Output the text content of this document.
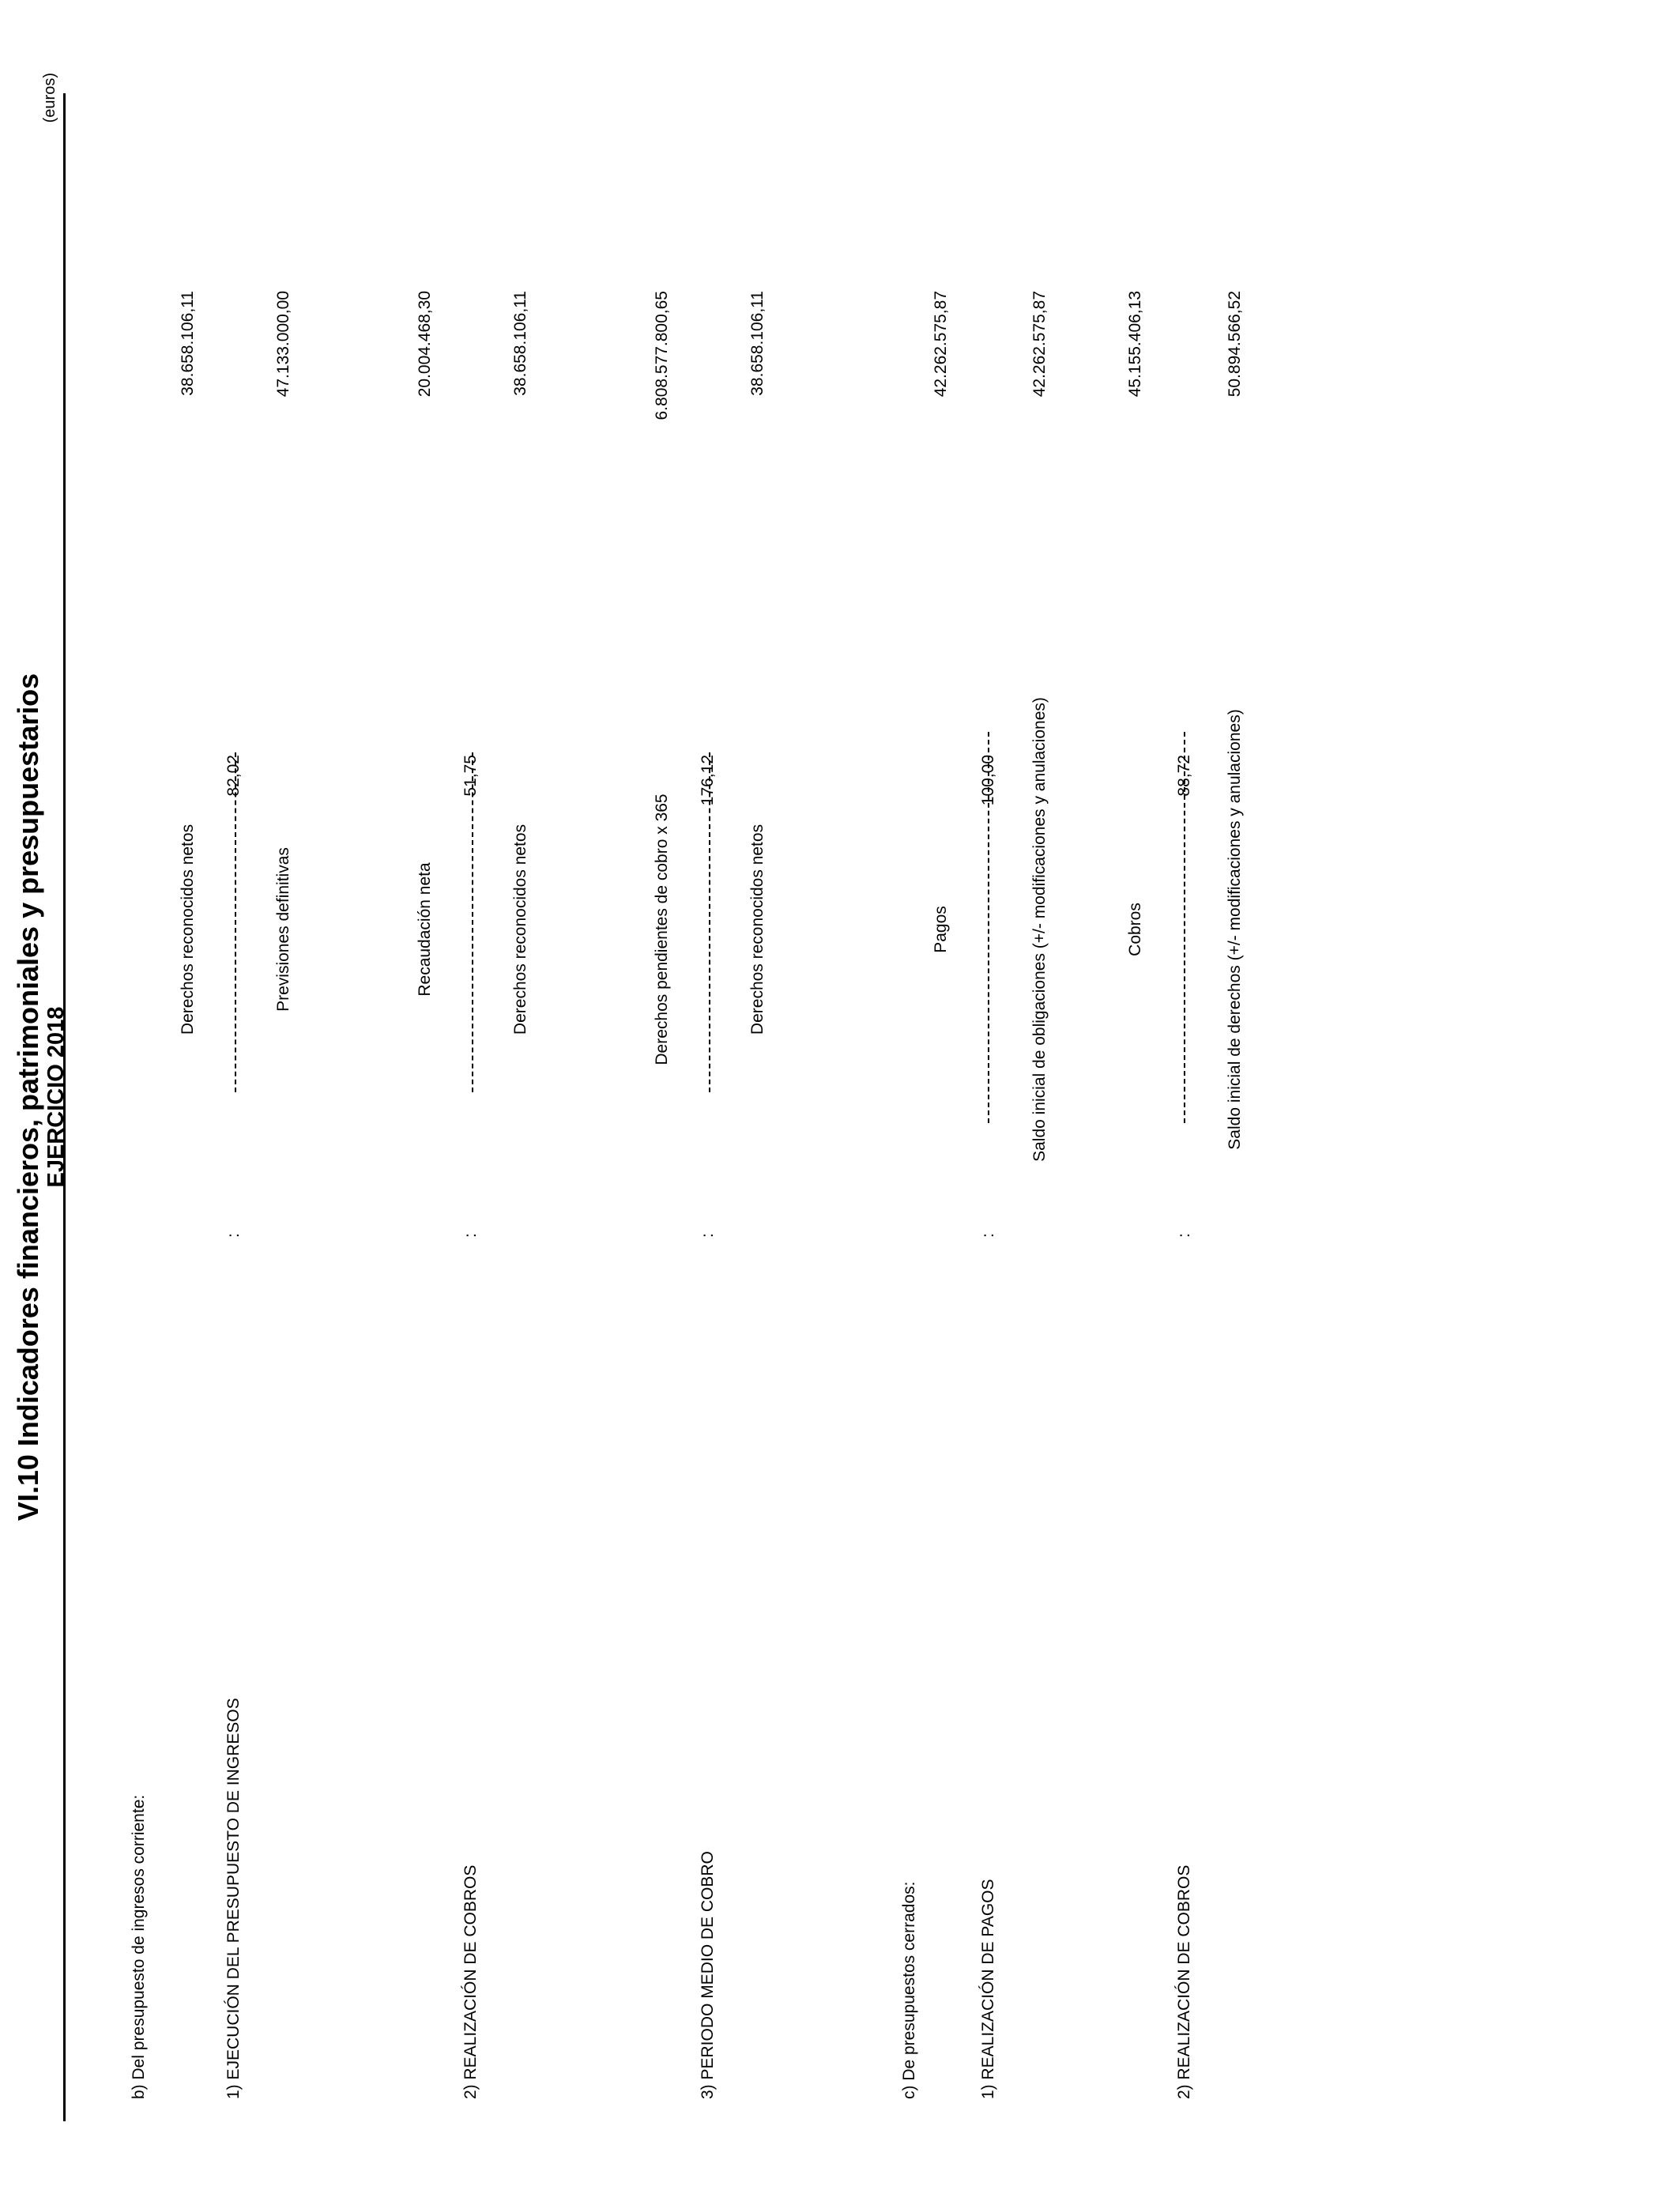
VI.10 Indicadores financieros, patrimoniales y presupuestarios EJERCICIO 2018
(euros)
b) Del presupuesto de ingresos corriente:	1) EJECUCIÓN DEL PRESUPUESTO DE INGRESOS
82,02
:
Derechos reconocidos netos	Previsiones definitivas
38.658.106,11	47.133.000,00
2) REALIZACIÓN DE COBROS
51,75
:
Recaudación neta	Derechos reconocidos netos
20.004.468,30	38.658.106,11
3) PERIODO MEDIO DE COBRO
176,12
:
Derechos pendientes de cobro x 365	Derechos reconocidos netos
6.808.577.800,65	38.658.106,11
c) De presupuestos cerrados:	1) REALIZACIÓN DE PAGOS
100,00
:
Pagos	Saldo inicial de obligaciones (+/- modificaciones y anulaciones)
42.262.575,87	42.262.575,87
2) REALIZACIÓN DE COBROS
88,72
:
Cobros	Saldo inicial de derechos (+/- modificaciones y anulaciones)
45.155.406,13	50.894.566,52
